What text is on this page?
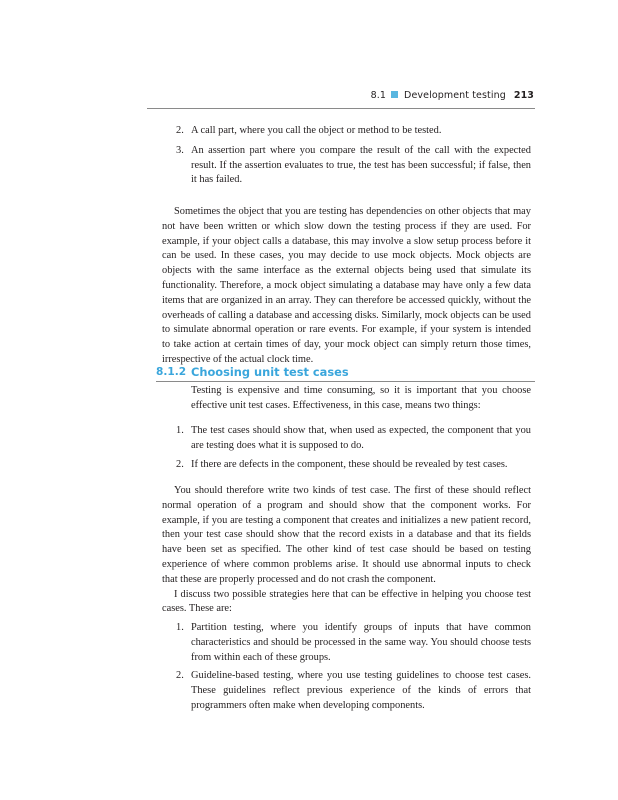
8.1 Development testing 213
2. A call part, where you call the object or method to be tested.
3. An assertion part where you compare the result of the call with the expected result. If the assertion evaluates to true, the test has been successful; if false, then it has failed.

Sometimes the object that you are testing has dependencies on other objects that may not have been written or which slow down the testing process if they are used. For example, if your object calls a database, this may involve a slow setup process before it can be used. In these cases, you may decide to use mock objects. Mock objects are objects with the same interface as the external objects being used that simulate its functionality. Therefore, a mock object simulating a database may have only a few data items that are organized in an array. They can therefore be accessed quickly, without the overheads of calling a database and accessing disks. Similarly, mock objects can be used to simulate abnormal operation or rare events. For example, if your system is intended to take action at certain times of day, your mock object can simply return those times, irrespective of the actual clock time.

8.1.2 Choosing unit test cases

Testing is expensive and time consuming, so it is important that you choose effective unit test cases. Effectiveness, in this case, means two things:

1. The test cases should show that, when used as expected, the component that you are testing does what it is supposed to do.
2. If there are defects in the component, these should be revealed by test cases.

You should therefore write two kinds of test case. The first of these should reflect normal operation of a program and should show that the component works. For example, if you are testing a component that creates and initializes a new patient record, then your test case should show that the record exists in a database and that its fields have been set as specified. The other kind of test case should be based on testing experience of where common problems arise. It should use abnormal inputs to check that these are properly processed and do not crash the component.

I discuss two possible strategies here that can be effective in helping you choose test cases. These are:

1. Partition testing, where you identify groups of inputs that have common characteristics and should be processed in the same way. You should choose tests from within each of these groups.
2. Guideline-based testing, where you use testing guidelines to choose test cases. These guidelines reflect previous experience of the kinds of errors that programmers often make when developing components.
